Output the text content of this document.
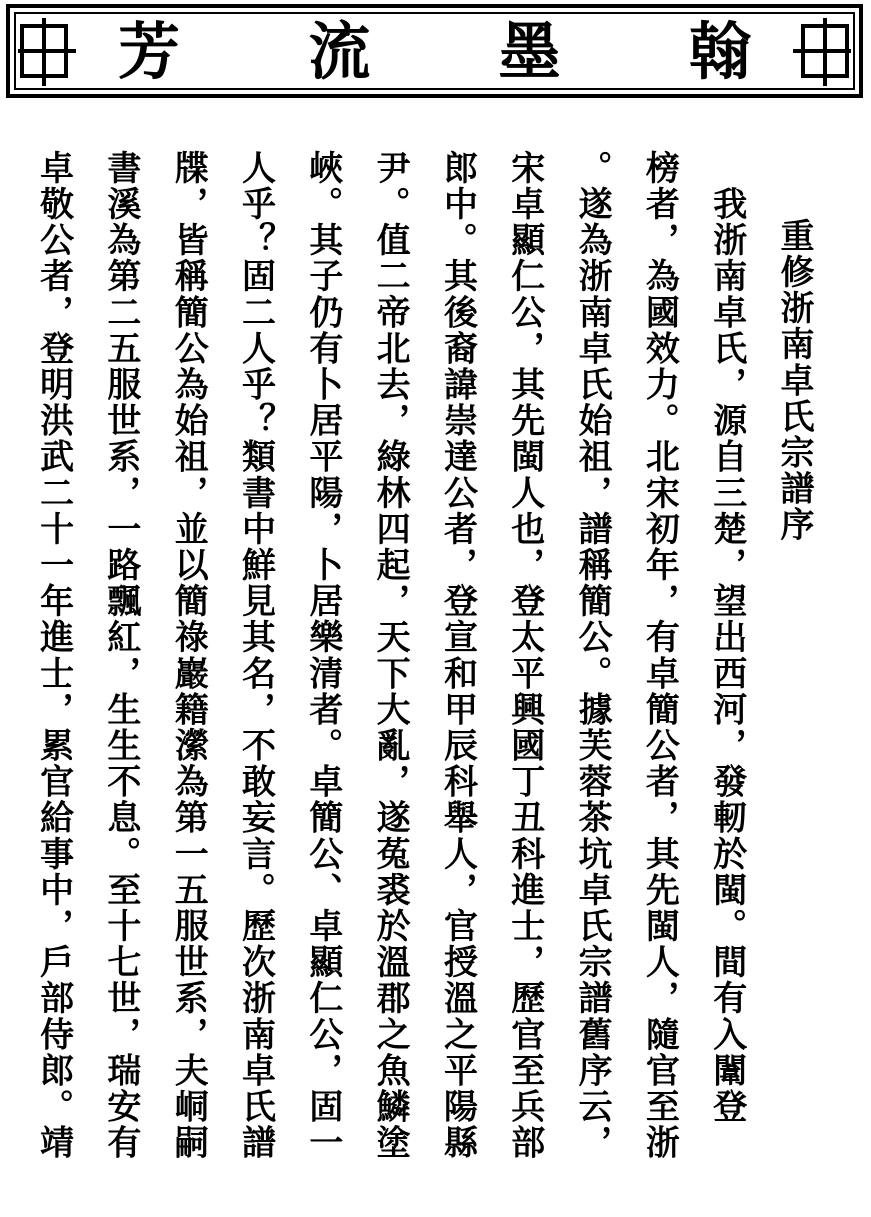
翰
墨
流
芳
重修浙南卓氏宗譜序
　我浙南卓氏，源自三楚，望出西河，發軔於閩。間有入闈登
榜者，為國效力。北宋初年，有卓簡公者，其先閩人，隨官至浙
。遂為浙南卓氏始祖，譜稱簡公。據芙蓉茶坑卓氏宗譜舊序云，
宋卓顯仁公，其先閩人也，登太平興國丁丑科進士，歷官至兵部
郎中。其後裔諱崇達公者，登宣和甲辰科舉人，官授溫之平陽縣
尹。值二帝北去，綠林四起，天下大亂，遂菟裘於溫郡之魚鱗塗
峽。其子仍有卜居平陽，卜居樂清者。卓簡公、卓顯仁公，固一
人乎？固二人乎？類書中鮮見其名，不敢妄言。歷次浙南卓氏譜
牒，皆稱簡公為始祖，並以簡祿巖籍瀠為第一五服世系，夫峒嗣
書溪為第二五服世系，一路飄紅，生生不息。至十七世，瑞安有
卓敬公者，登明洪武二十一年進士，累官給事中，戶部侍郎。靖
